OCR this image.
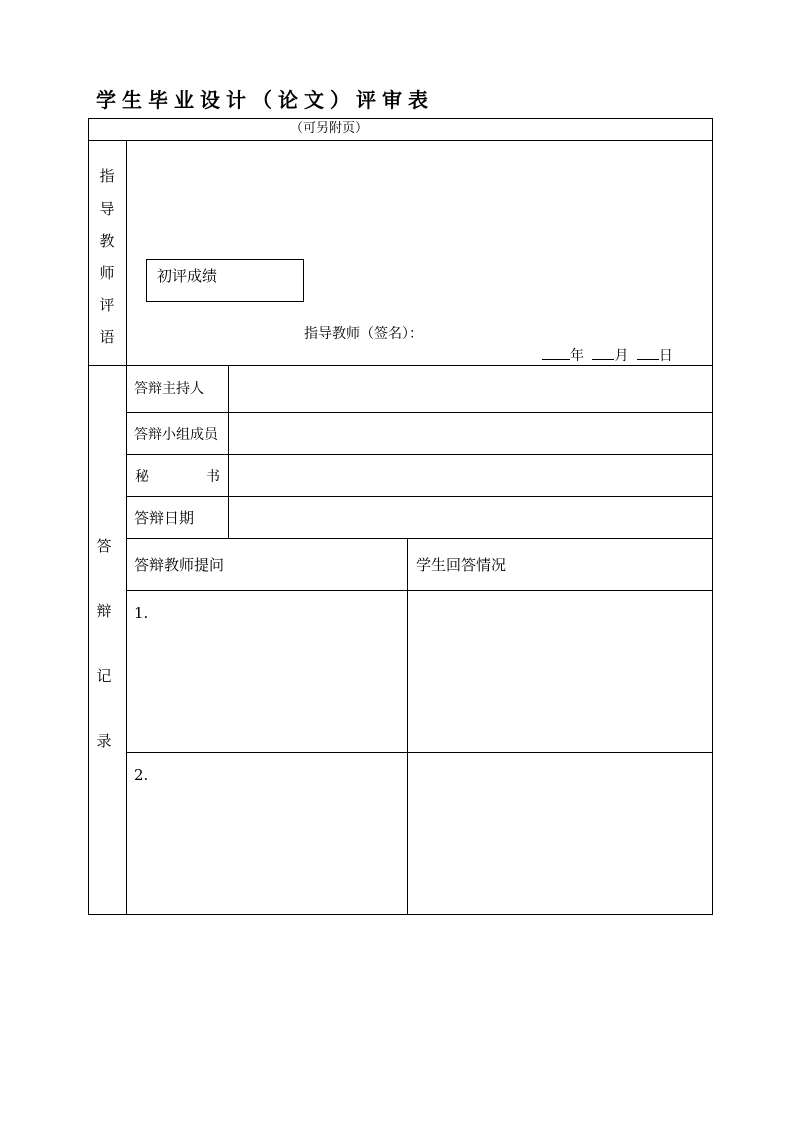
学生毕业设计（论文）评审表
（可另附页）
指
导
教
师
评
语
初评成绩
指导教师（签名）：
年 月 日
答
辩
记
录
答辩主持人
答辩小组成员
秘	书
答辩日期
答辩教师提问	学生回答情况
1.
2.
